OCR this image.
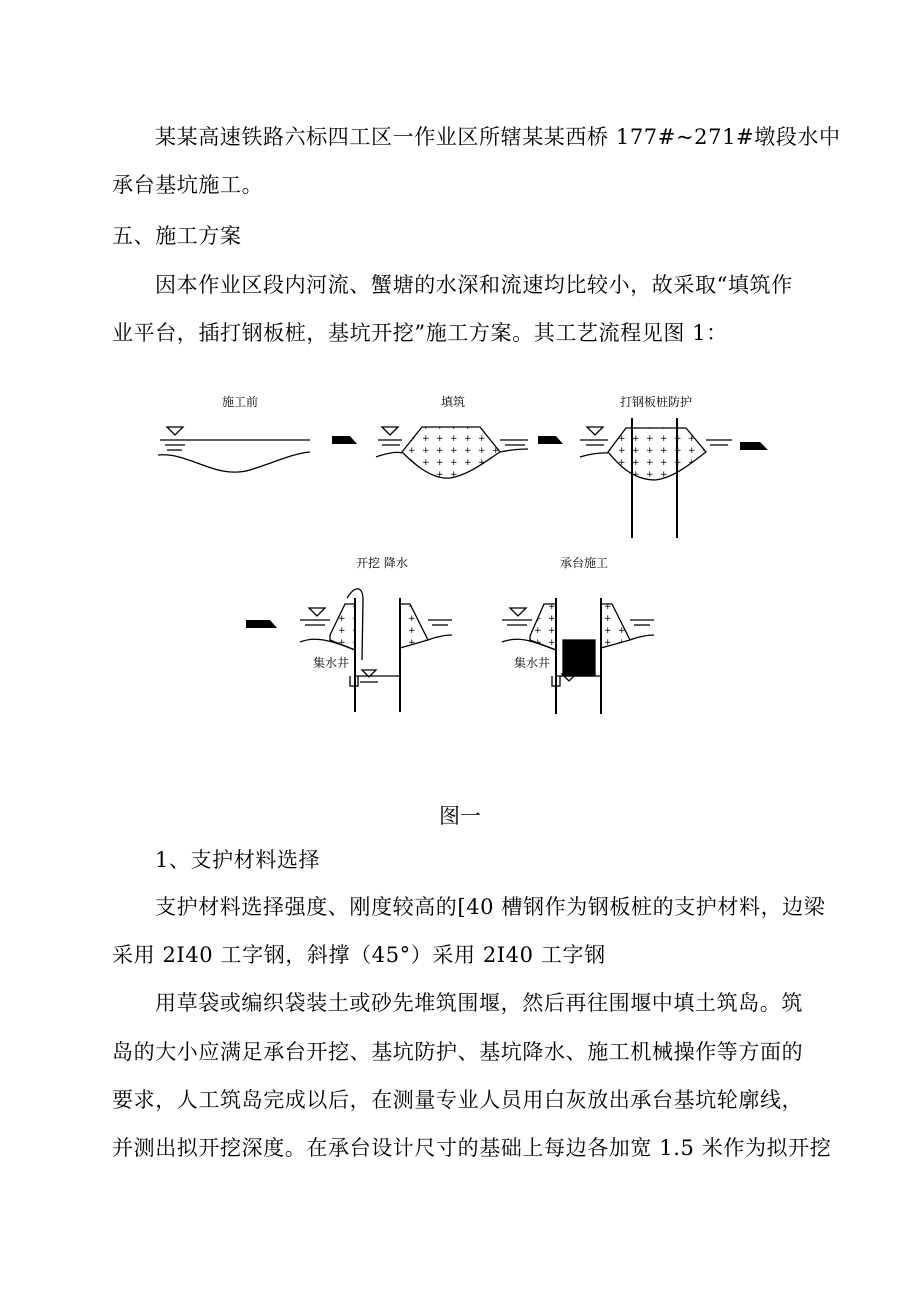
某某高速铁路六标四工区一作业区所辖某某西桥 177#~271#墩段水中
承台基坑施工。
五、施工方案
因本作业区段内河流、蟹塘的水深和流速均比较小，故采取“填筑作
业平台，插打钢板桩，基坑开挖”施工方案。其工艺流程见图 1：
施工前	填筑	打钢板桩防护
开挖 降水	承台施工
集水井	集水井
图一
1、支护材料选择
支护材料选择强度、刚度较高的[40 槽钢作为钢板桩的支护材料，边梁
采用 2I40 工字钢，斜撑（45°）采用 2I40 工字钢
用草袋或编织袋装土或砂先堆筑围堰，然后再往围堰中填土筑岛。筑
岛的大小应满足承台开挖、基坑防护、基坑降水、施工机械操作等方面的
要求，人工筑岛完成以后，在测量专业人员用白灰放出承台基坑轮廓线，
并测出拟开挖深度。在承台设计尺寸的基础上每边各加宽 1.5 米作为拟开挖
